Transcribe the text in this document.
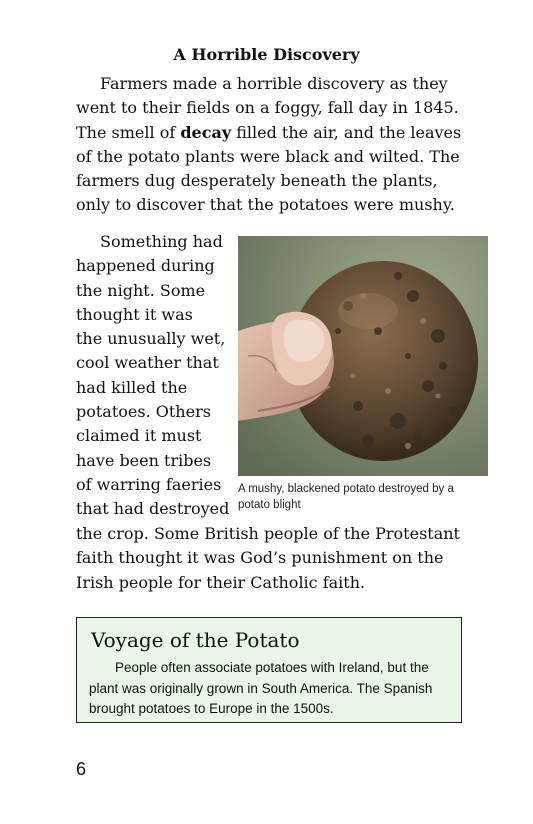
A Horrible Discovery
Farmers made a horrible discovery as they went to their fields on a foggy, fall day in 1845. The smell of decay filled the air, and the leaves of the potato plants were black and wilted. The farmers dug desperately beneath the plants, only to discover that the potatoes were mushy.
Something had
happened during
the night. Some
thought it was
the unusually wet,
cool weather that
had killed the
potatoes. Others
claimed it must
have been tribes
of warring faeries
that had destroyed
A mushy, blackened potato destroyed by a potato blight
the crop. Some British people of the Protestant faith thought it was God’s punishment on the Irish people for their Catholic faith.
Voyage of the Potato
People often associate potatoes with Ireland, but the plant was originally grown in South America. The Spanish brought potatoes to Europe in the 1500s.
6
